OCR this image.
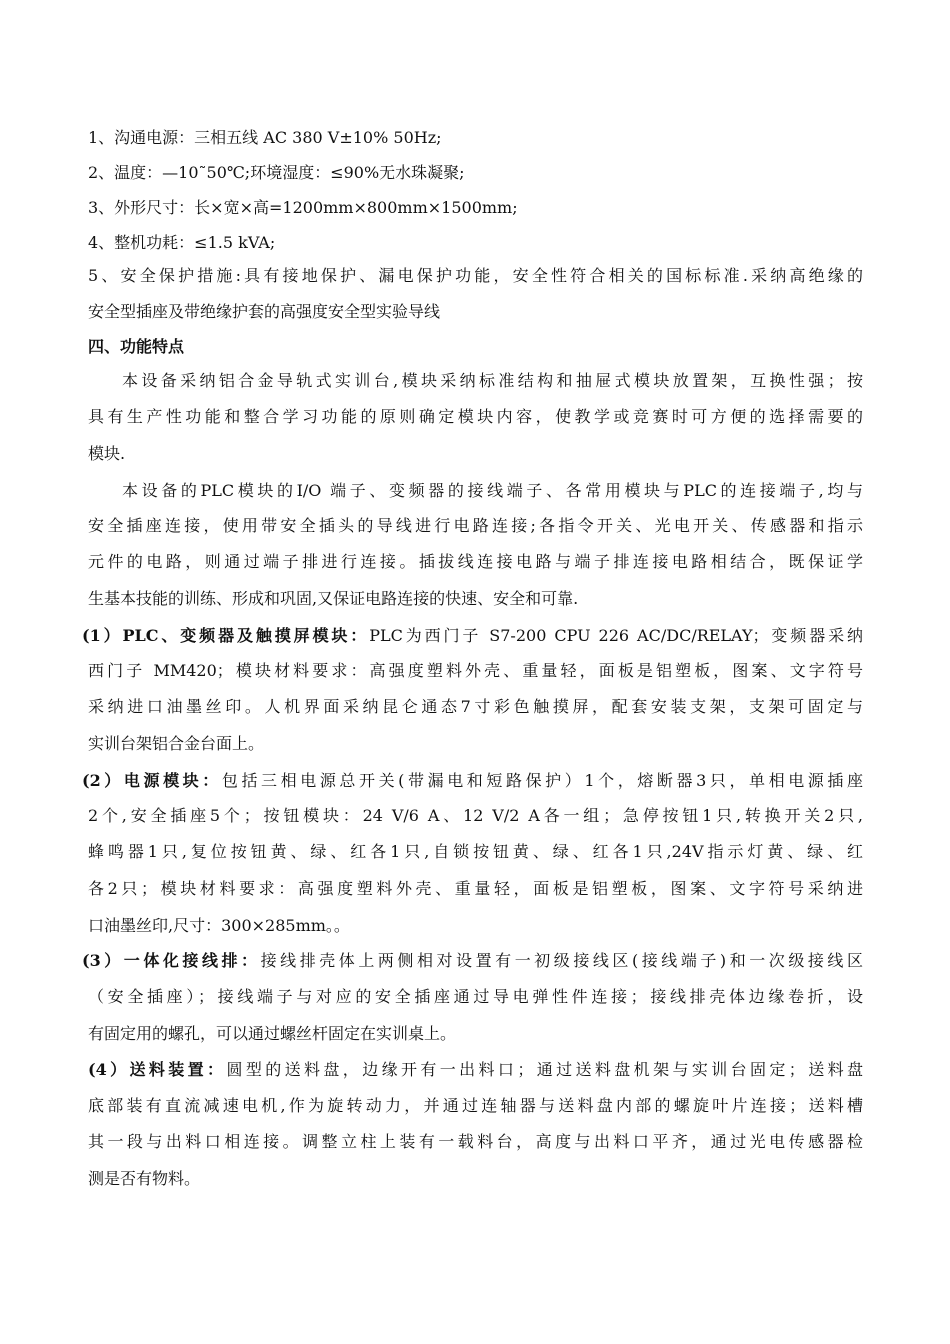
1、沟通电源：三相五线 AC 380 V±10% 50Hz;
2、温度：—10˜50℃;环境湿度：≤90%无水珠凝聚;
3、外形尺寸：长×宽×高=1200mm×800mm×1500mm;
4、整机功耗：≤1.5 kVA;
5、安全保护措施:具有接地保护、漏电保护功能，安全性符合相关的国标标准.采纳高绝缘的
安全型插座及带绝缘护套的高强度安全型实验导线
四、功能特点
本设备采纳铝合金导轨式实训台,模块采纳标准结构和抽屉式模块放置架，互换性强；按
具有生产性功能和整合学习功能的原则确定模块内容，使教学或竞赛时可方便的选择需要的
模块.
本设备的PLC模块的I/O 端子、变频器的接线端子、各常用模块与PLC的连接端子,均与
安全插座连接，使用带安全插头的导线进行电路连接;各指令开关、光电开关、传感器和指示
元件的电路，则通过端子排进行连接。插拔线连接电路与端子排连接电路相结合，既保证学
生基本技能的训练、形成和巩固,又保证电路连接的快速、安全和可靠.
(1）PLC、变频器及触摸屏模块：PLC为西门子 S7-200 CPU 226 AC/DC/RELAY；变频器采纳
西门子 MM420；模块材料要求：高强度塑料外壳、重量轻，面板是铝塑板，图案、文字符号
采纳进口油墨丝印。人机界面采纳昆仑通态7寸彩色触摸屏，配套安装支架，支架可固定与
实训台架铝合金台面上。
(2）电源模块：包括三相电源总开关(带漏电和短路保护）1个，熔断器3只，单相电源插座
2个,安全插座5个；按钮模块：24 V/6 A、12 V/2 A各一组；急停按钮1只,转换开关2只,
蜂鸣器1只,复位按钮黄、绿、红各1只,自锁按钮黄、绿、红各1只,24V指示灯黄、绿、红
各2只；模块材料要求：高强度塑料外壳、重量轻，面板是铝塑板，图案、文字符号采纳进
口油墨丝印,尺寸：300×285mm。。
(3）一体化接线排：接线排壳体上两侧相对设置有一初级接线区(接线端子)和一次级接线区
（安全插座）；接线端子与对应的安全插座通过导电弹性件连接；接线排壳体边缘卷折，设
有固定用的螺孔，可以通过螺丝杆固定在实训桌上。
(4）送料装置：圆型的送料盘，边缘开有一出料口；通过送料盘机架与实训台固定；送料盘
底部装有直流减速电机,作为旋转动力，并通过连轴器与送料盘内部的螺旋叶片连接；送料槽
其一段与出料口相连接。调整立柱上装有一载料台，高度与出料口平齐，通过光电传感器检
测是否有物料。
